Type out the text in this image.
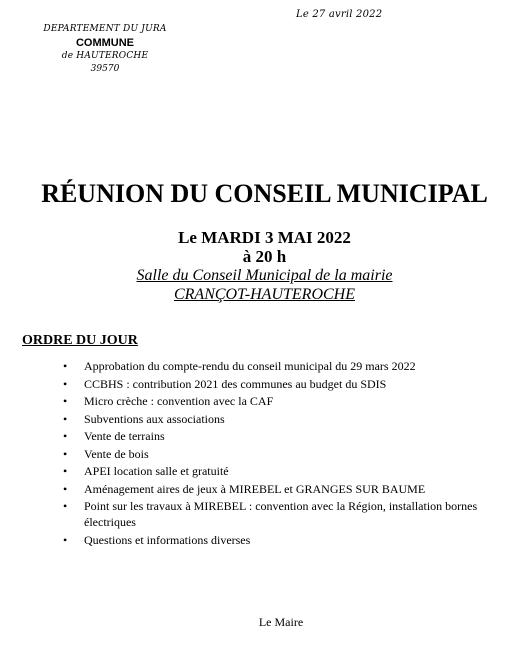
DEPARTEMENT DU JURA
COMMUNE
de HAUTEROCHE
39570
Le 27 avril 2022
RÉUNION DU CONSEIL MUNICIPAL
Le MARDI 3 MAI 2022
à 20 h
Salle du Conseil Municipal de la mairie
CRANÇOT-HAUTEROCHE
ORDRE DU JOUR
• Approbation du compte-rendu du conseil municipal du 29 mars 2022
• CCBHS : contribution 2021 des communes au budget du SDIS
• Micro crèche : convention avec la CAF
• Subventions aux associations
• Vente de terrains
• Vente de bois
• APEI location salle et gratuité
• Aménagement aires de jeux à MIREBEL et GRANGES SUR BAUME
• Point sur les travaux à MIREBEL : convention avec la Région, installation bornes électriques
• Questions et informations diverses
Le Maire
